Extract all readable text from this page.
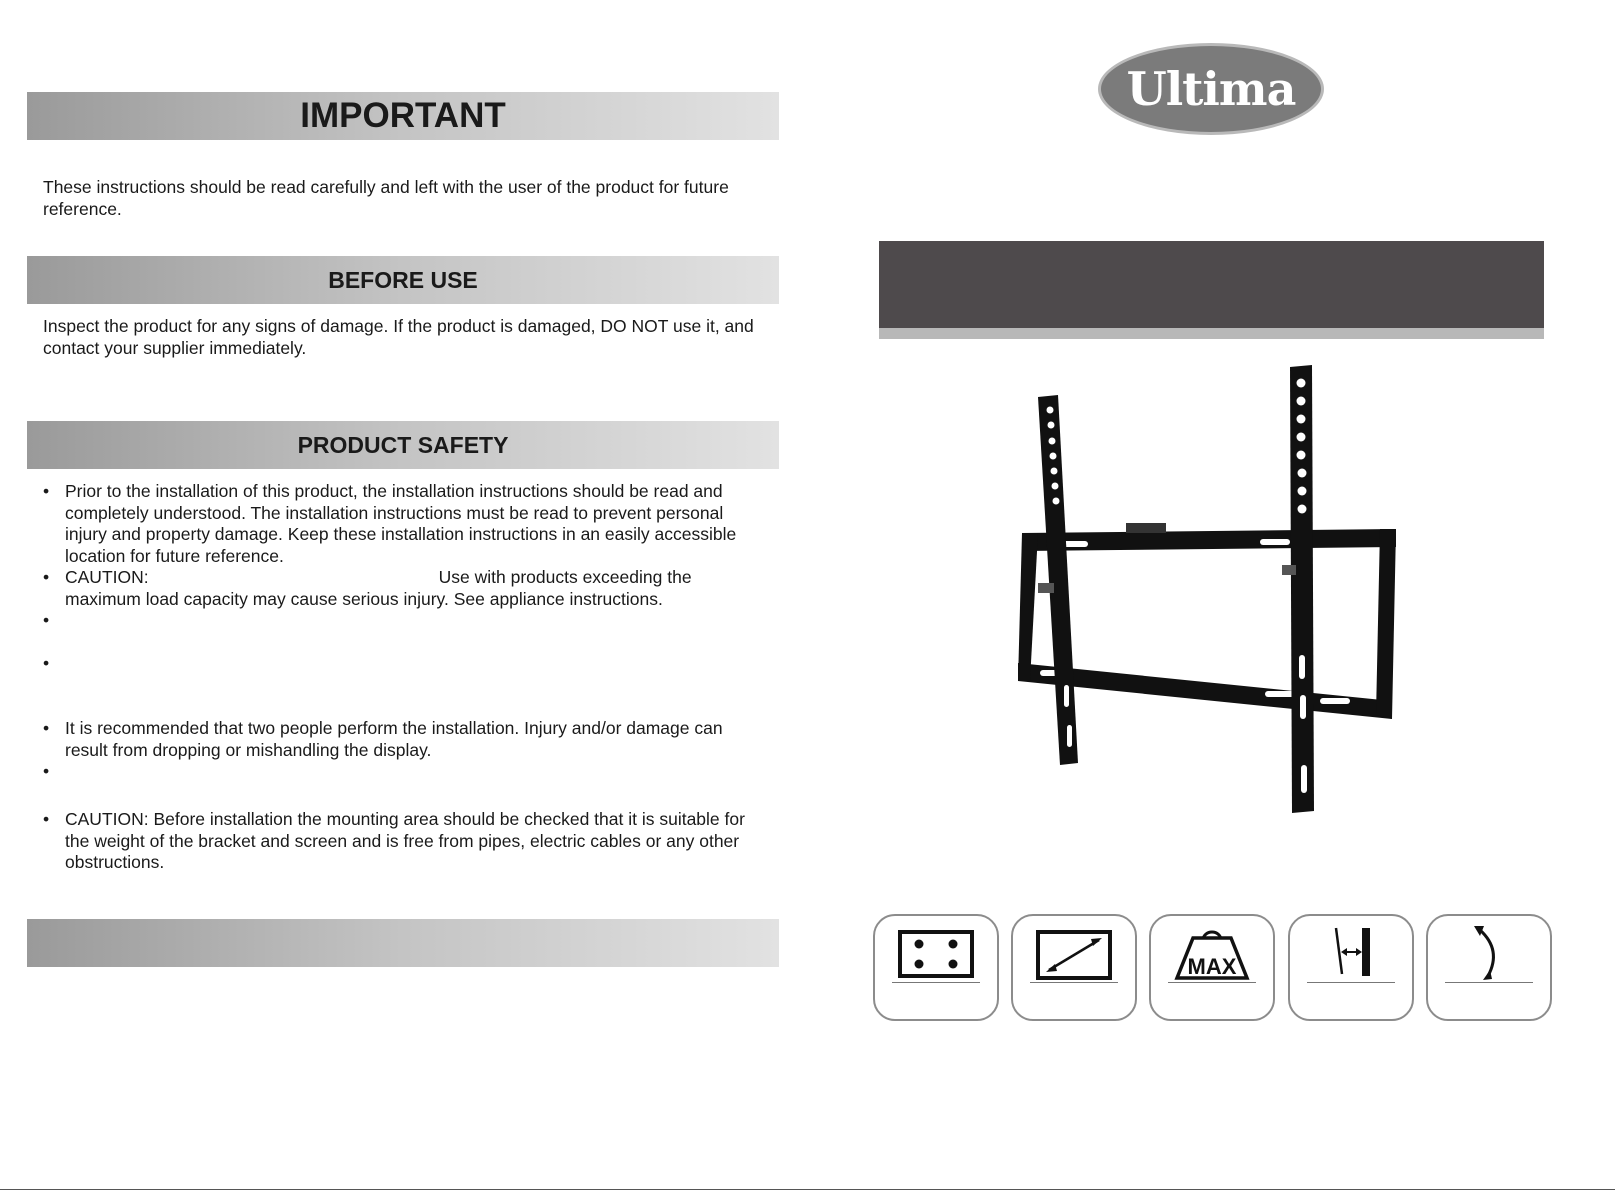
IMPORTANT

These instructions should be read carefully and left with the user of the product for future reference.

BEFORE USE

Inspect the product for any signs of damage. If the product is damaged, DO NOT use it, and contact your supplier immediately.

PRODUCT SAFETY
• Prior to the installation of this product, the installation instructions should be read and completely understood. The installation instructions must be read to prevent personal injury and property damage. Keep these installation instructions in an easily accessible location for future reference.
• CAUTION:	Use with products exceeding the maximum load capacity may cause serious injury. See appliance instructions.
•
•
• It is recommended that two people perform the installation. Injury and/or damage can result from dropping or mishandling the display.
•
• CAUTION: Before installation the mounting area should be checked that it is suitable for the weight of the bracket and screen and is free from pipes, electric cables or any other obstructions.
Ultima
MAX
